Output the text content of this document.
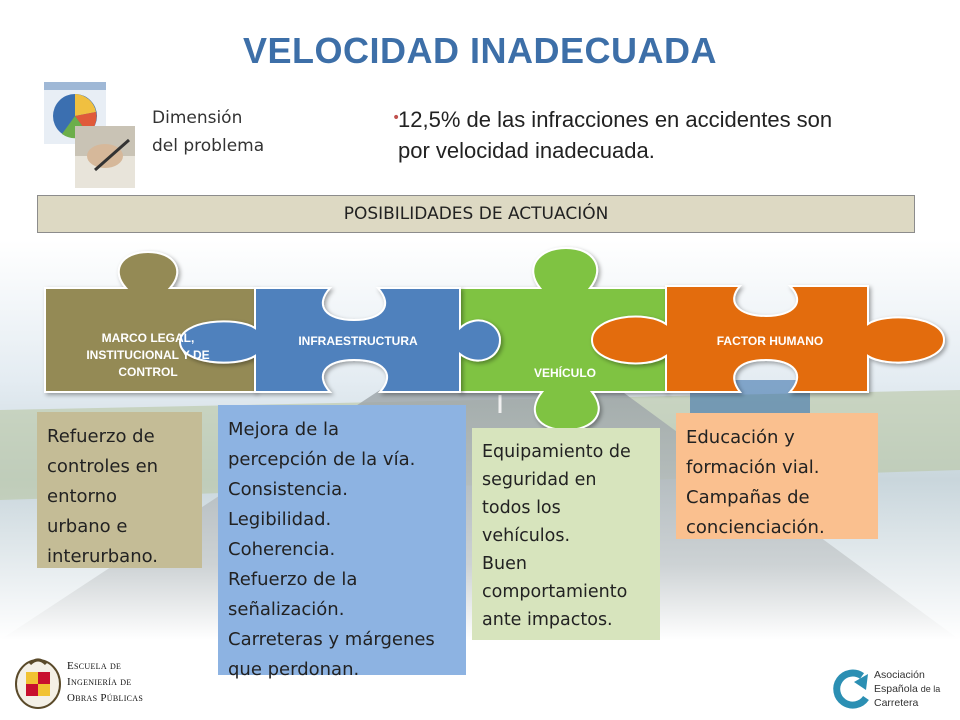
VELOCIDAD INADECUADA
Dimensión
del problema
•
12,5% de las infracciones en accidentes son por velocidad inadecuada.
POSIBILIDADES DE ACTUACIÓN
MARCO LEGAL,
INSTITUCIONAL Y DE
CONTROL
INFRAESTRUCTURA
VEHÍCULO
FACTOR HUMANO
Refuerzo de
controles en
entorno
urbano e
interurbano.
Mejora de la
percepción de la vía.
Consistencia.
Legibilidad.
Coherencia.
Refuerzo de la
señalización.
Carreteras y márgenes
que perdonan.
Equipamiento de
seguridad en
todos los
vehículos.
Buen
comportamiento
ante impactos.
Educación y
formación vial.
Campañas de
concienciación.
Escuela de
Ingeniería de
Obras Públicas
Asociación
Española de la
Carretera
